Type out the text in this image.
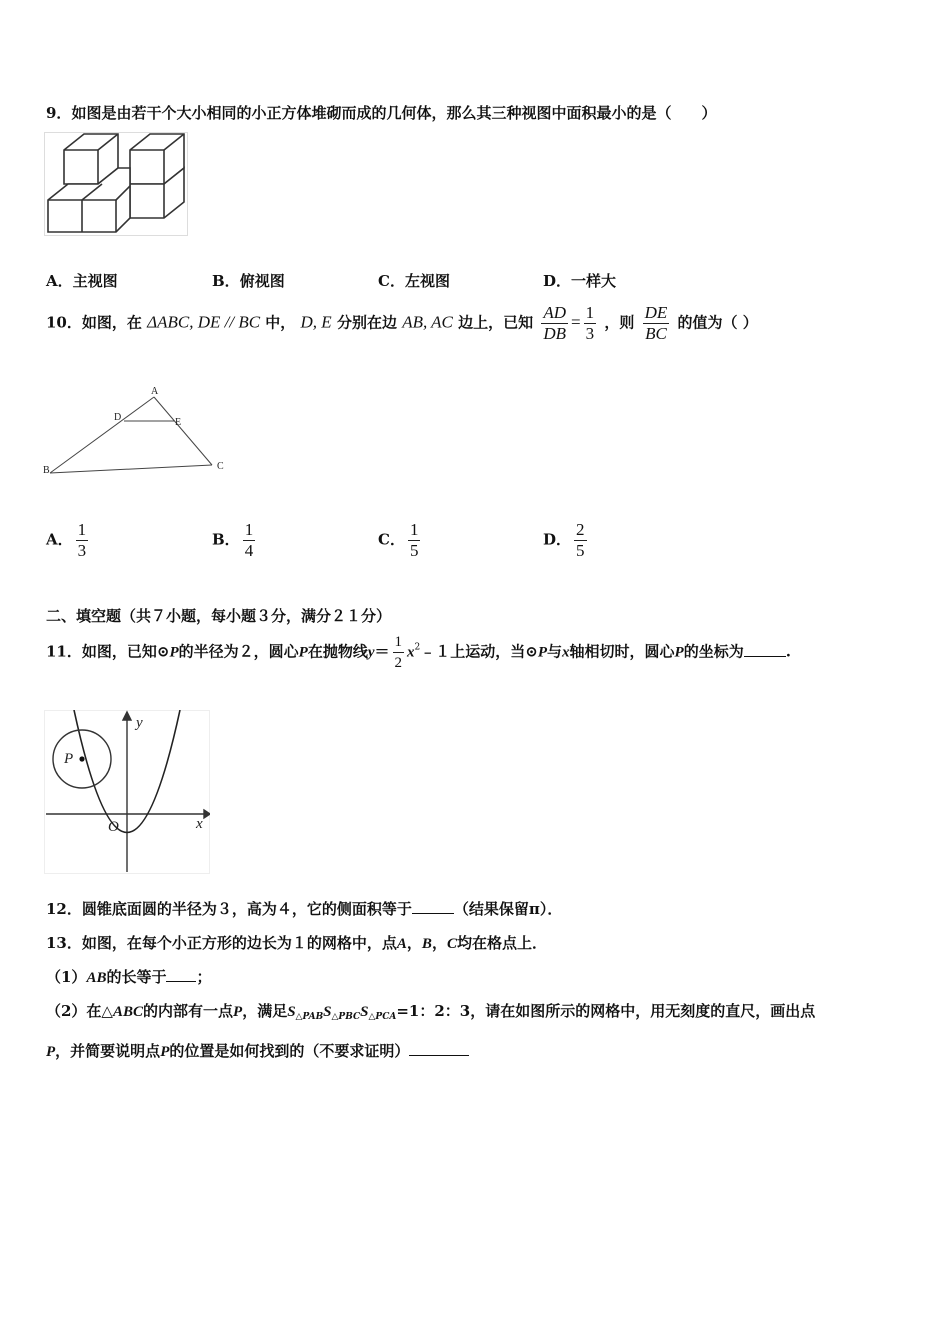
9．如图是由若干个大小相同的小正方体堆砌而成的几何体，那么其三种视图中面积最小的是（　　）
A．主视图	B．俯视图	C．左视图	D．一样大
10．如图，在 ΔABC, DE // BC 中， D, E 分别在边 AB, AC 边上，已知 $\frac{AD}{DB} = \frac{1}{3}$ ，则 $\frac{DE}{BC}$ 的值为（ ）
A
D	E
B	C
A． $\frac{1}{3}$	B． $\frac{1}{4}$	C． $\frac{1}{5}$	D． $\frac{2}{5}$
二、填空题（共７小题，每小题３分，满分２１分）
11．如图，已知⊙P的半径为２，圆心P在抛物线$y= \frac{1}{2}$ $x^2﹣1$上运动，当⊙P与x轴相切时，圆心P的坐标为	.
P
O	x
y
12．圆锥底面圆的半径为３，高为４，它的侧面积等于	（结果保留π）．
13．如图，在每个小正方形的边长为１的网格中，点A，B，C均在格点上．
（1）AB的长等于 ；
（2）在△ABC的内部有一点P，满足$S_{\triangle PAB}S_{\triangle PBC}S_{\triangle PCA}=1$：2：3，请在如图所示的网格中，用无刻度的直尺，画出点
P，并简要说明点P的位置是如何找到的（不要求证明）
